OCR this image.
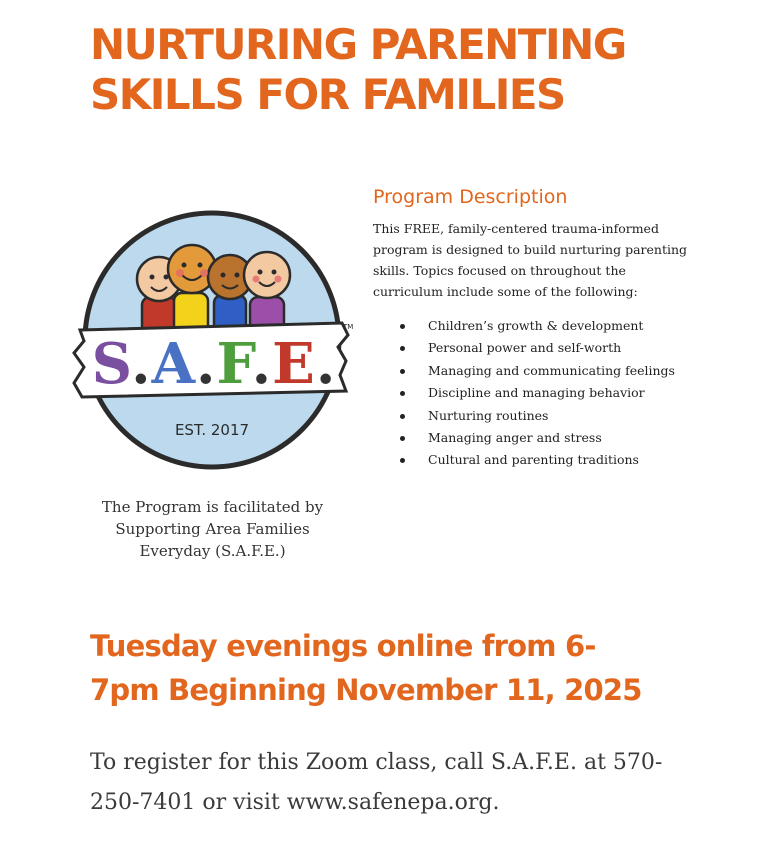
NURTURING PARENTING
SKILLS FOR FAMILIES
TM
S.A.F.E.
EST. 2017
The Program is facilitated by
Supporting Area Families
Everyday (S.A.F.E.)
Program Description

This FREE, family-centered trauma-informed
program is designed to build nurturing parenting
skills. Topics focused on throughout the
curriculum include some of the following:

Children’s growth & development
Personal power and self-worth
Managing and communicating feelings
Discipline and managing behavior
Nurturing routines
Managing anger and stress
Cultural and parenting traditions
Tuesday evenings online from 6-
7pm Beginning November 11, 2025

To register for this Zoom class, call S.A.F.E. at 570-
250-7401 or visit www.safenepa.org.
